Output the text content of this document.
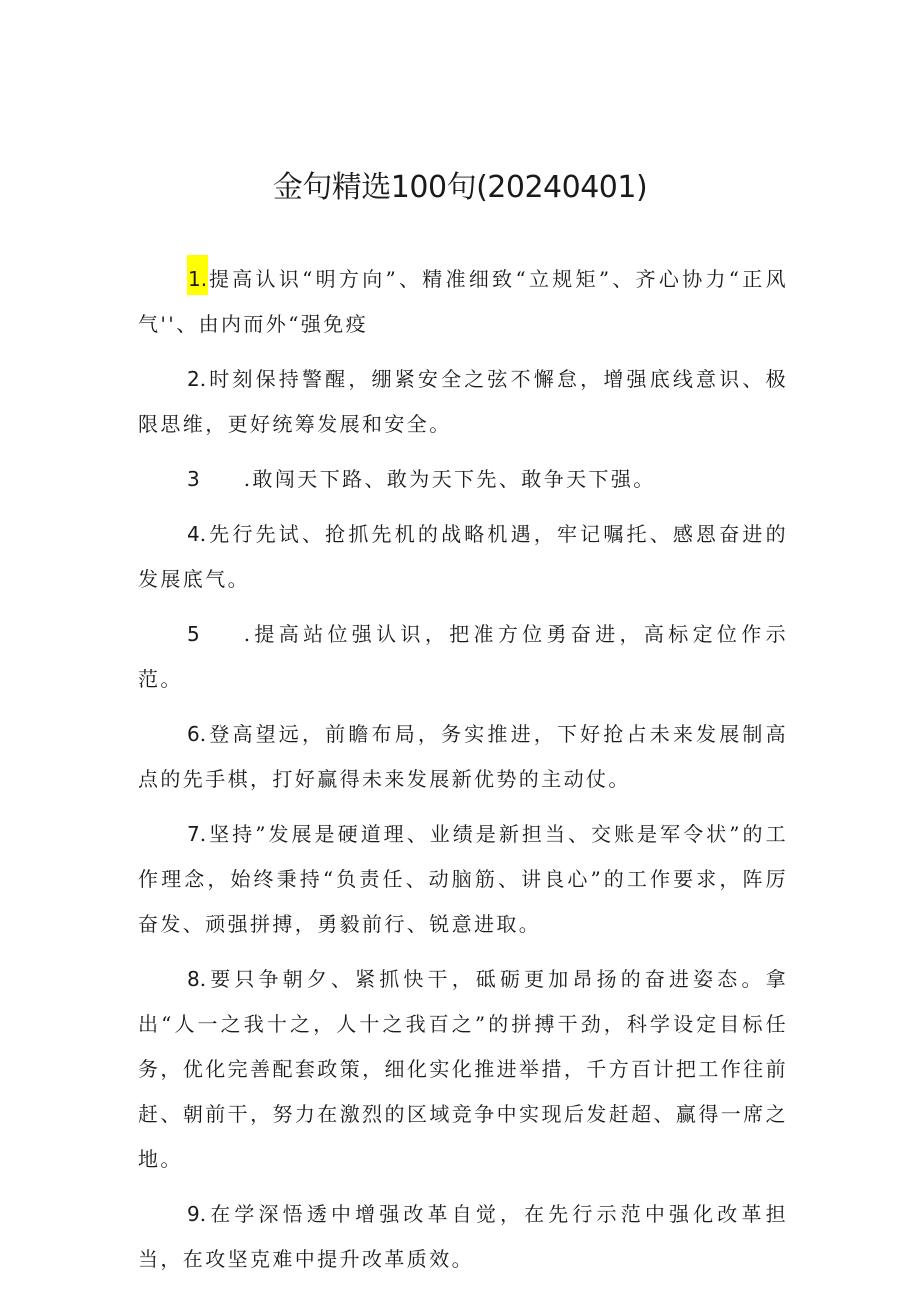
金句精选100句(20240401)

1.提高认识“明方向”、精准细致“立规矩”、齐心协力“正风气''、由内而外“强免疫

2.时刻保持警醒，绷紧安全之弦不懈怠，增强底线意识、极限思维，更好统筹发展和安全。

3 .敢闯天下路、敢为天下先、敢争天下强。

4.先行先试、抢抓先机的战略机遇，牢记嘱托、感恩奋进的发展底气。

5 .提高站位强认识，把准方位勇奋进，高标定位作示范。

6.登高望远，前瞻布局，务实推进，下好抢占未来发展制高点的先手棋，打好赢得未来发展新优势的主动仗。

7.坚持”发展是硬道理、业绩是新担当、交账是军令状”的工作理念，始终秉持“负责任、动脑筋、讲良心”的工作要求，阵厉奋发、顽强拼搏，勇毅前行、锐意进取。

8.要只争朝夕、紧抓快干，砥砺更加昂扬的奋进姿态。拿出“人一之我十之，人十之我百之”的拼搏干劲，科学设定目标任务，优化完善配套政策，细化实化推进举措，千方百计把工作往前赶、朝前干，努力在激烈的区域竞争中实现后发赶超、赢得一席之地。

9.在学深悟透中增强改革自觉，在先行示范中强化改革担当，在攻坚克难中提升改革质效。
